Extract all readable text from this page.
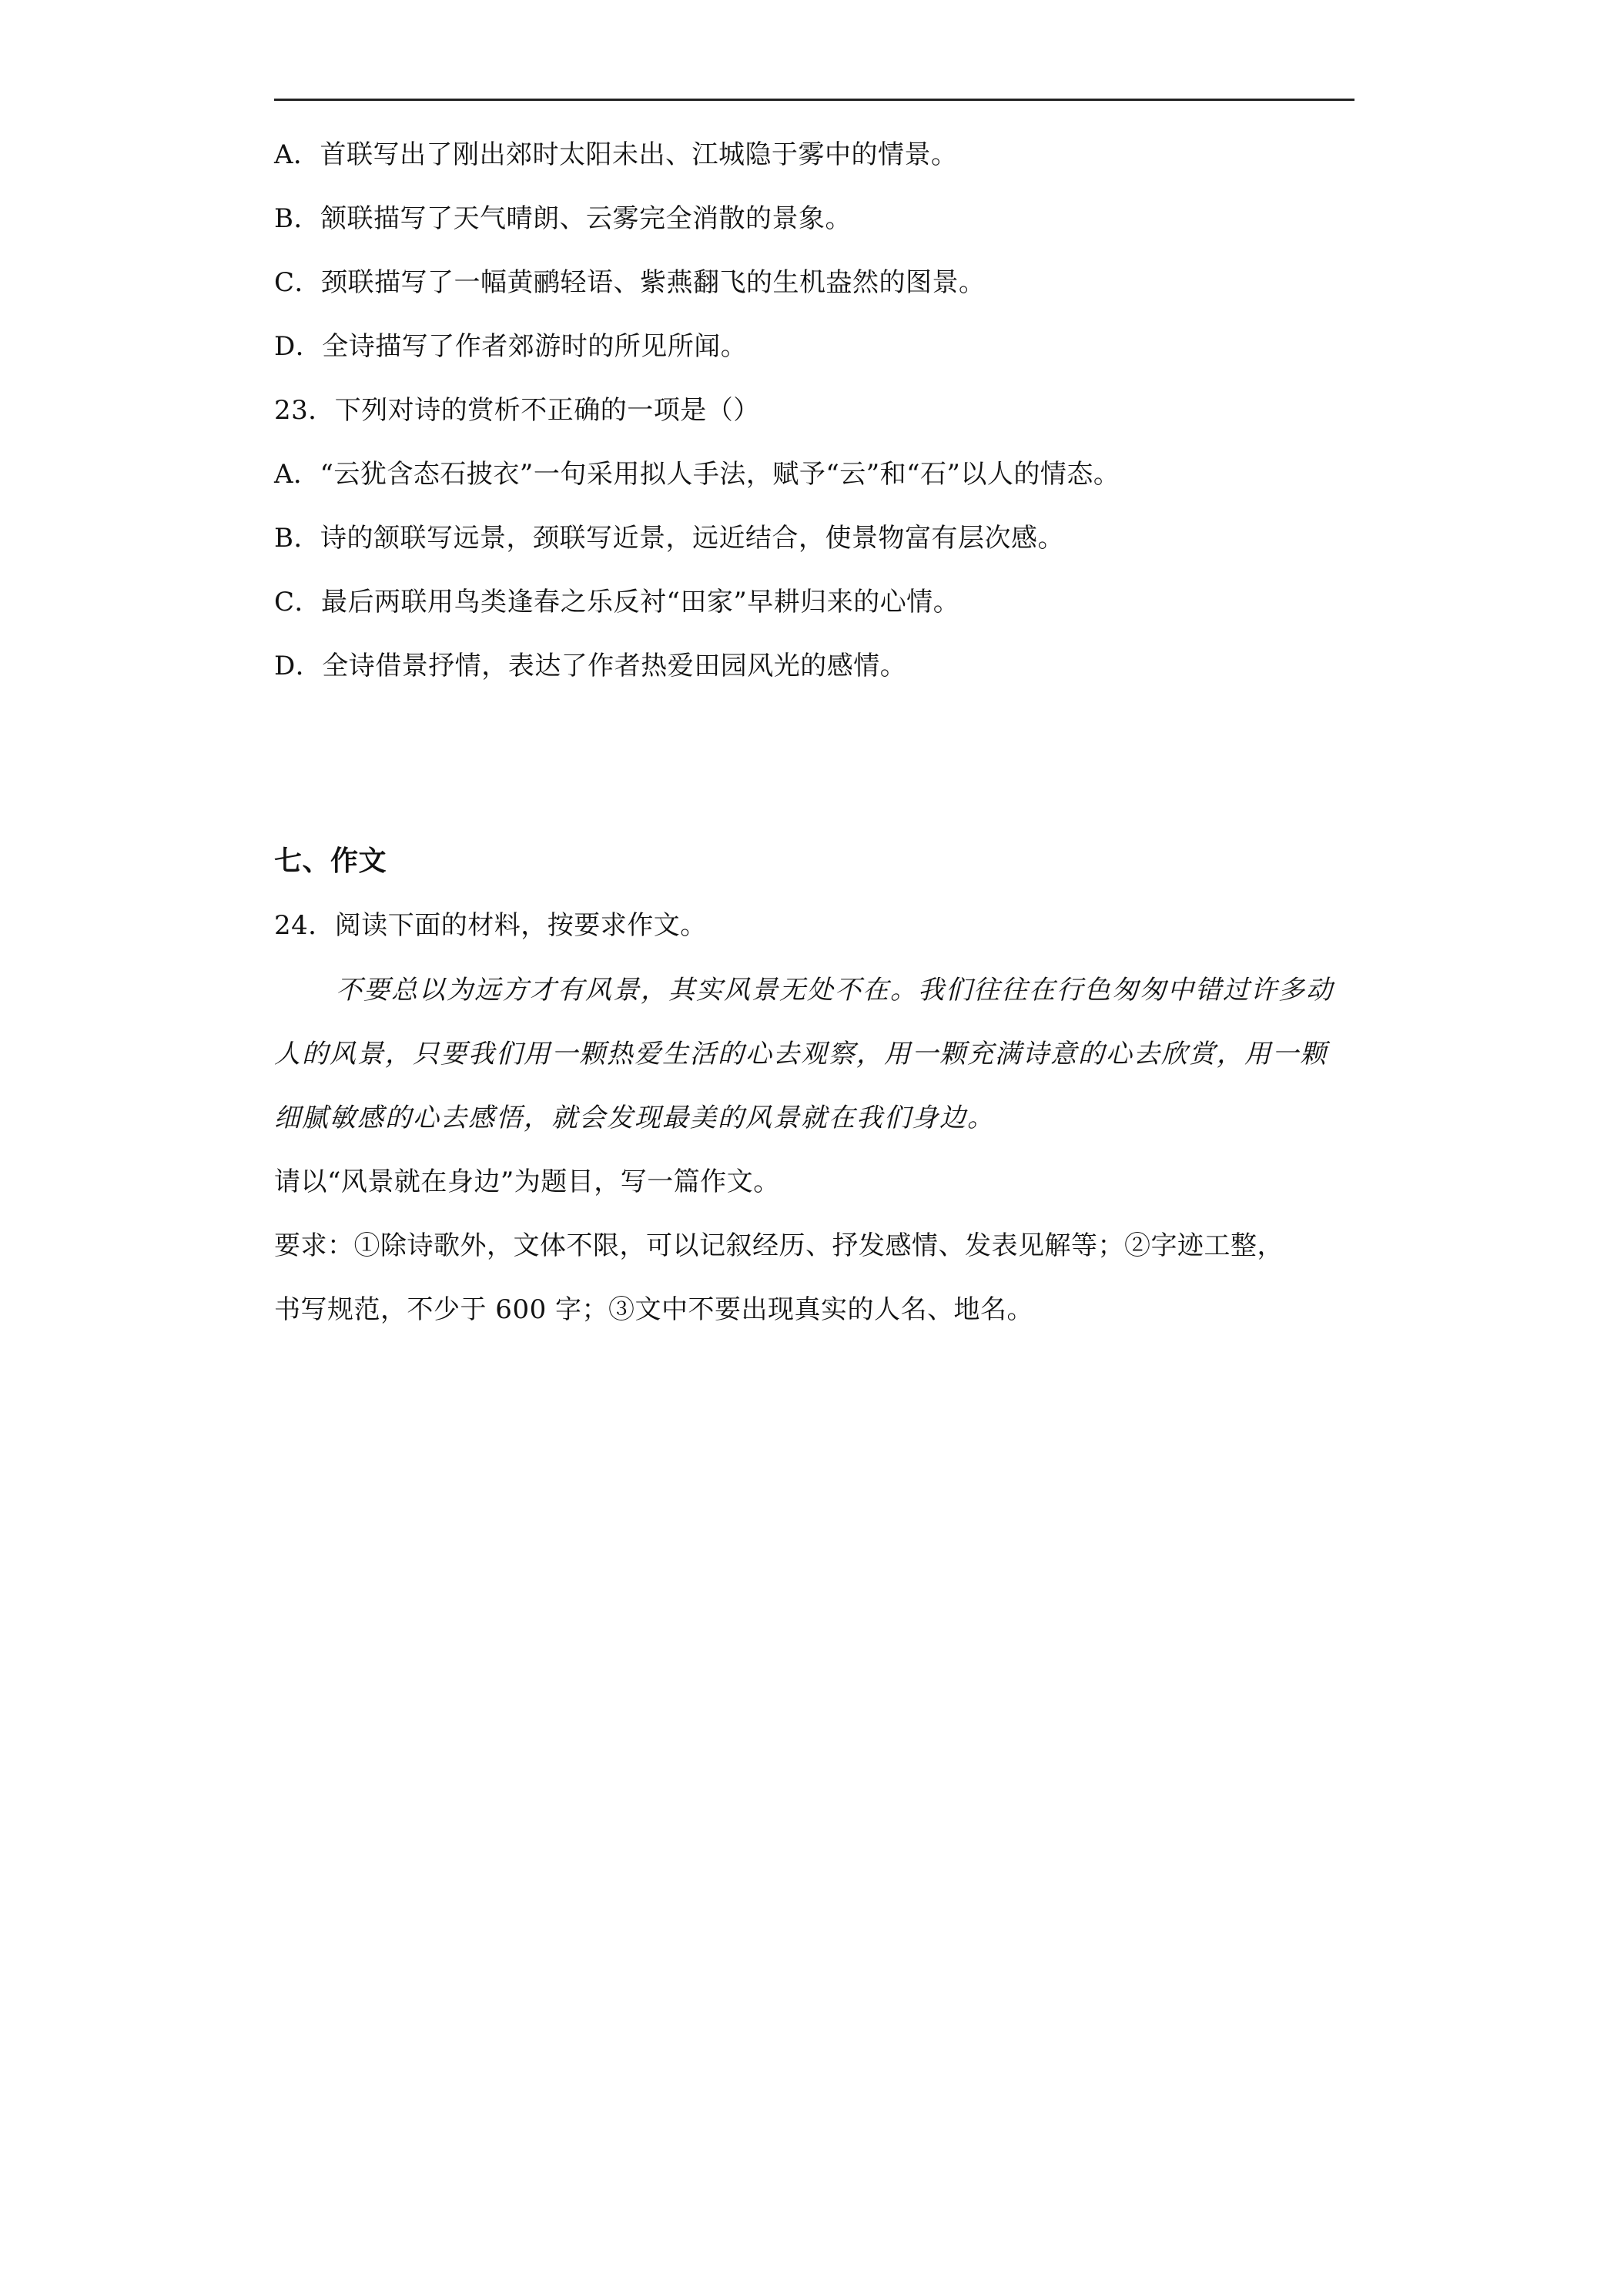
A．首联写出了刚出郊时太阳未出、江城隐于雾中的情景。
B．颔联描写了天气晴朗、云雾完全消散的景象。
C．颈联描写了一幅黄鹂轻语、紫燕翻飞的生机盎然的图景。
D．全诗描写了作者郊游时的所见所闻。
23．下列对诗的赏析不正确的一项是（）
A．“云犹含态石披衣”一句采用拟人手法，赋予“云”和“石”以人的情态。
B．诗的颔联写远景，颈联写近景，远近结合，使景物富有层次感。
C．最后两联用鸟类逢春之乐反衬“田家”早耕归来的心情。
D．全诗借景抒情，表达了作者热爱田园风光的感情。
七、作文
24．阅读下面的材料，按要求作文。
不要总以为远方才有风景，其实风景无处不在。我们往往在行色匆匆中错过许多动
人的风景，只要我们用一颗热爱生活的心去观察，用一颗充满诗意的心去欣赏，用一颗
细腻敏感的心去感悟，就会发现最美的风景就在我们身边。
请以“风景就在身边”为题目，写一篇作文。
要求：①除诗歌外，文体不限，可以记叙经历、抒发感情、发表见解等；②字迹工整，
书写规范，不少于 600 字；③文中不要出现真实的人名、地名。
